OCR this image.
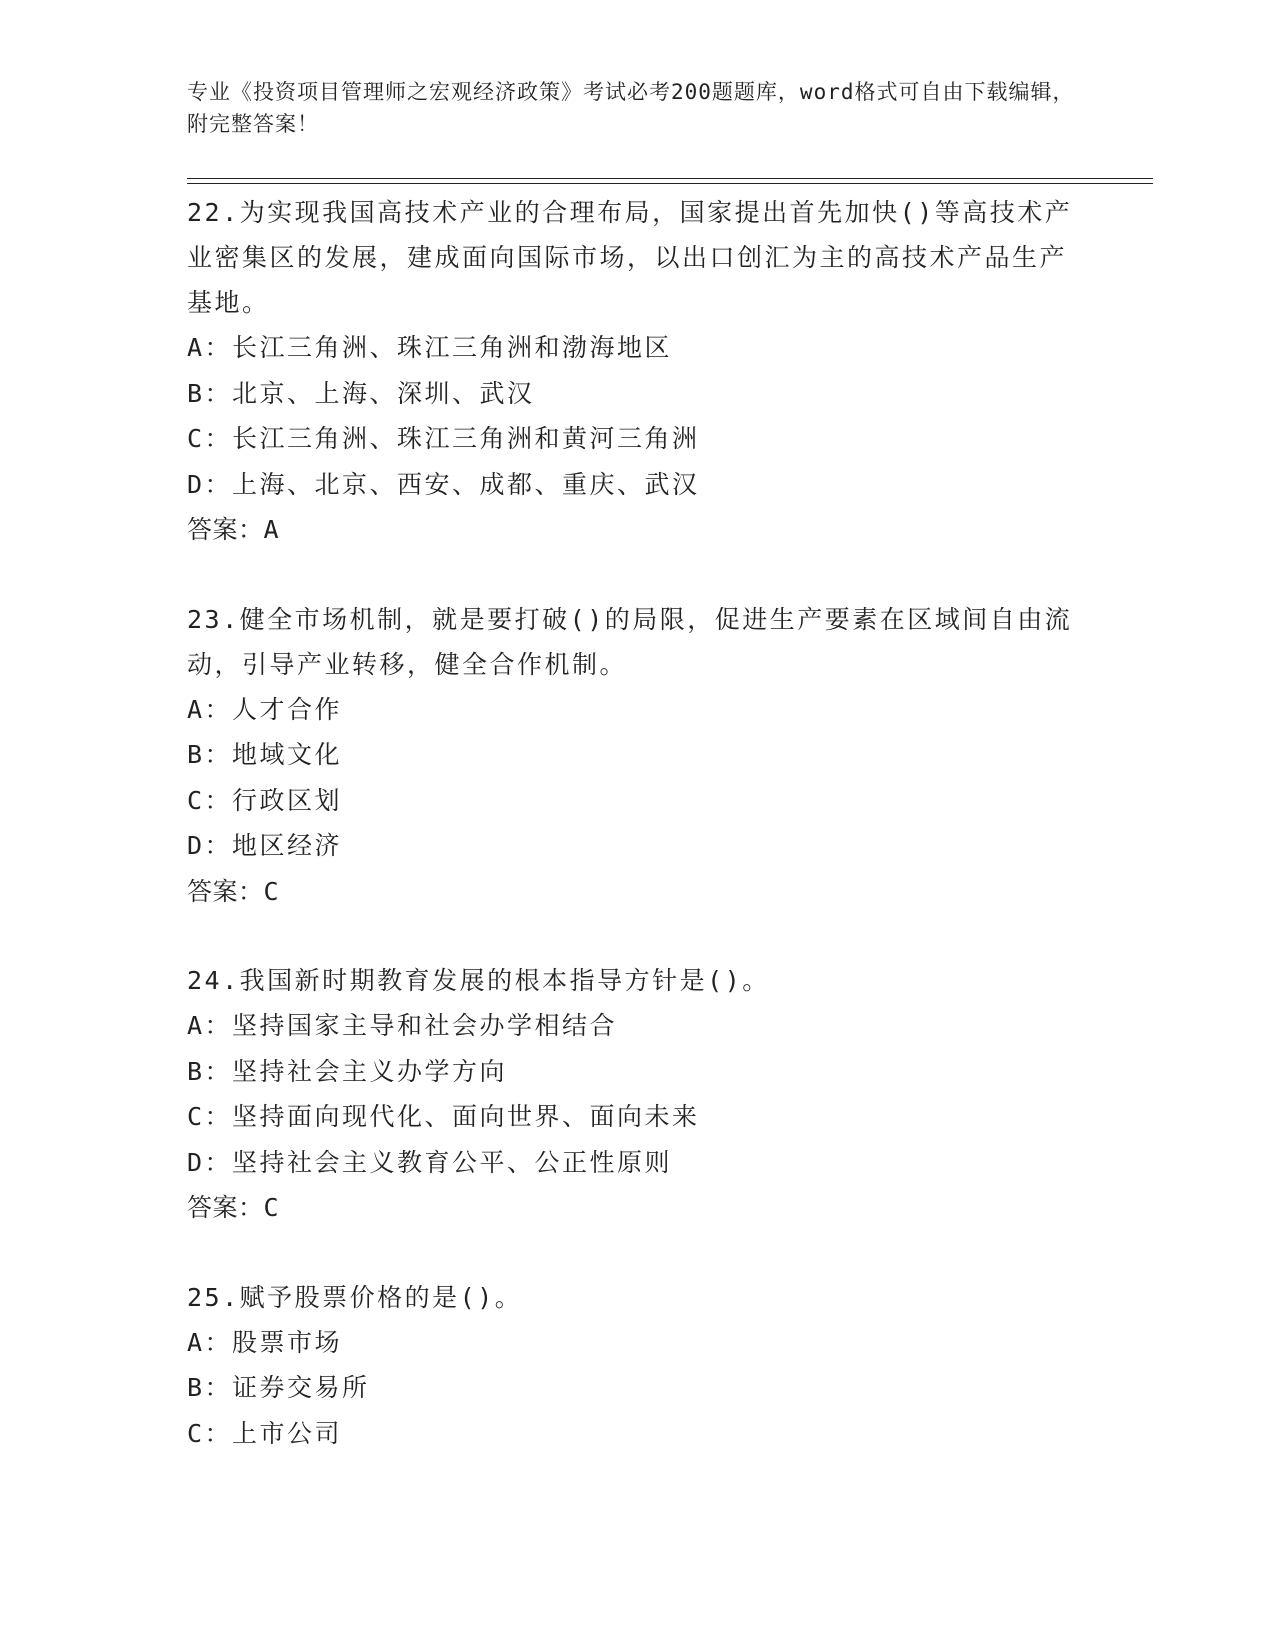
专业《投资项目管理师之宏观经济政策》考试必考200题题库，word格式可自由下载编辑，附完整答案！

22.为实现我国高技术产业的合理布局，国家提出首先加快()等高技术产业密集区的发展，建成面向国际市场，以出口创汇为主的高技术产品生产基地。

A：长江三角洲、珠江三角洲和渤海地区

B：北京、上海、深圳、武汉

C：长江三角洲、珠江三角洲和黄河三角洲

D：上海、北京、西安、成都、重庆、武汉

答案：A

23.健全市场机制，就是要打破()的局限，促进生产要素在区域间自由流动，引导产业转移，健全合作机制。

A：人才合作

B：地域文化

C：行政区划

D：地区经济

答案：C

24.我国新时期教育发展的根本指导方针是()。

A：坚持国家主导和社会办学相结合

B：坚持社会主义办学方向

C：坚持面向现代化、面向世界、面向未来

D：坚持社会主义教育公平、公正性原则

答案：C

25.赋予股票价格的是()。

A：股票市场

B：证券交易所

C：上市公司
